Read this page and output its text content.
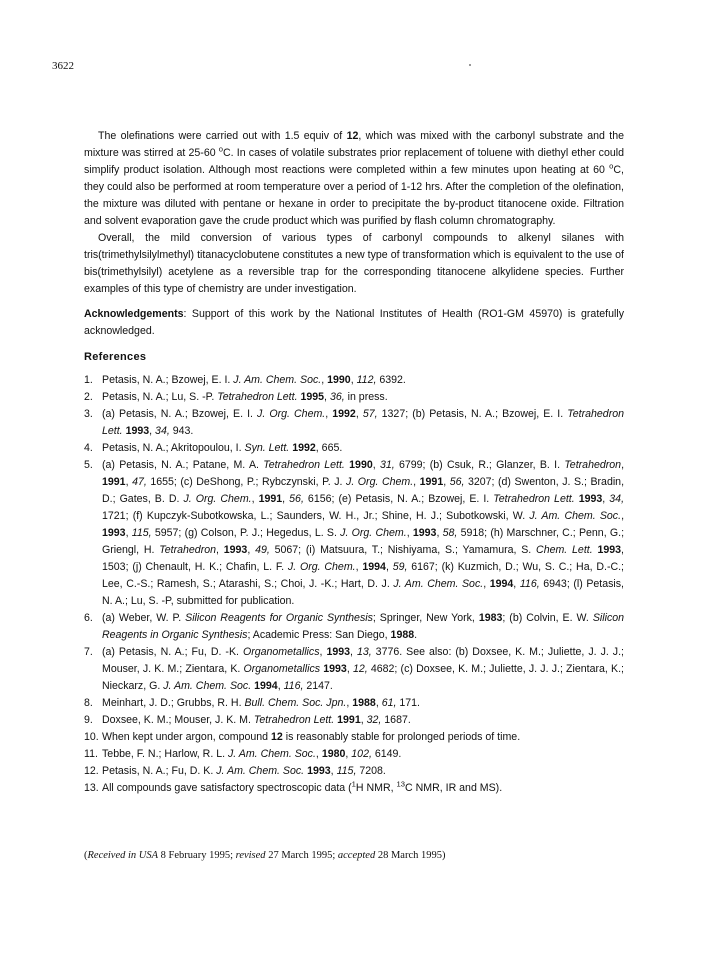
3622

The olefinations were carried out with 1.5 equiv of 12, which was mixed with the carbonyl substrate and the mixture was stirred at 25-60 $^o$C. In cases of volatile substrates prior replacement of toluene with diethyl ether could simplify product isolation. Although most reactions were completed within a few minutes upon heating at 60 $^o$C, they could also be performed at room temperature over a period of 1-12 hrs. After the completion of the olefination, the mixture was diluted with pentane or hexane in order to precipitate the by-product titanocene oxide. Filtration and solvent evaporation gave the crude product which was purified by flash column chromatography.

Overall, the mild conversion of various types of carbonyl compounds to alkenyl silanes with tris(trimethylsilylmethyl) titanacyclobutene constitutes a new type of transformation which is equivalent to the use of bis(trimethylsilyl) acetylene as a reversible trap for the corresponding titanocene alkylidene species. Further examples of this type of chemistry are under investigation.

Acknowledgements: Support of this work by the National Institutes of Health (RO1-GM 45970) is gratefully acknowledged.

References
1. Petasis, N. A.; Bzowej, E. I. J. Am. Chem. Soc., 1990, 112, 6392.
2. Petasis, N. A.; Lu, S. -P. Tetrahedron Lett. 1995, 36, in press.
3. (a) Petasis, N. A.; Bzowej, E. I. J. Org. Chem., 1992, 57, 1327; (b) Petasis, N. A.; Bzowej, E. I. Tetrahedron Lett. 1993, 34, 943.
4. Petasis, N. A.; Akritopoulou, I. Syn. Lett. 1992, 665.
5. (a) Petasis, N. A.; Patane, M. A. Tetrahedron Lett. 1990, 31, 6799; (b) Csuk, R.; Glanzer, B. I. Tetrahedron, 1991, 47, 1655; (c) DeShong, P.; Rybczynski, P. J. J. Org. Chem., 1991, 56, 3207; (d) Swenton, J. S.; Bradin, D.; Gates, B. D. J. Org. Chem., 1991, 56, 6156; (e) Petasis, N. A.; Bzowej, E. I. Tetrahedron Lett. 1993, 34, 1721; (f) Kupczyk-Subotkowska, L.; Saunders, W. H., Jr.; Shine, H. J.; Subotkowski, W. J. Am. Chem. Soc., 1993, 115, 5957; (g) Colson, P. J.; Hegedus, L. S. J. Org. Chem., 1993, 58, 5918; (h) Marschner, C.; Penn, G.; Griengl, H. Tetrahedron, 1993, 49, 5067; (i) Matsuura, T.; Nishiyama, S.; Yamamura, S. Chem. Lett. 1993, 1503; (j) Chenault, H. K.; Chafin, L. F. J. Org. Chem., 1994, 59, 6167; (k) Kuzmich, D.; Wu, S. C.; Ha, D.-C.; Lee, C.-S.; Ramesh, S.; Atarashi, S.; Choi, J. -K.; Hart, D. J. J. Am. Chem. Soc., 1994, 116, 6943; (l) Petasis, N. A.; Lu, S. -P, submitted for publication.
6. (a) Weber, W. P. Silicon Reagents for Organic Synthesis; Springer, New York, 1983; (b) Colvin, E. W. Silicon Reagents in Organic Synthesis; Academic Press: San Diego, 1988.
7. (a) Petasis, N. A.; Fu, D. -K. Organometallics, 1993, 13, 3776. See also: (b) Doxsee, K. M.; Juliette, J. J. J.; Mouser, J. K. M.; Zientara, K. Organometallics 1993, 12, 4682; (c) Doxsee, K. M.; Juliette, J. J. J.; Zientara, K.; Nieckarz, G. J. Am. Chem. Soc. 1994, 116, 2147.
8. Meinhart, J. D.; Grubbs, R. H. Bull. Chem. Soc. Jpn., 1988, 61, 171.
9. Doxsee, K. M.; Mouser, J. K. M. Tetrahedron Lett. 1991, 32, 1687.
10. When kept under argon, compound 12 is reasonably stable for prolonged periods of time.
11. Tebbe, F. N.; Harlow, R. L. J. Am. Chem. Soc., 1980, 102, 6149.
12. Petasis, N. A.; Fu, D. K. J. Am. Chem. Soc. 1993, 115, 7208.
13. All compounds gave satisfactory spectroscopic data ($^1$H NMR, $^{13}$C NMR, IR and MS).
(Received in USA 8 February 1995; revised 27 March 1995; accepted 28 March 1995)
